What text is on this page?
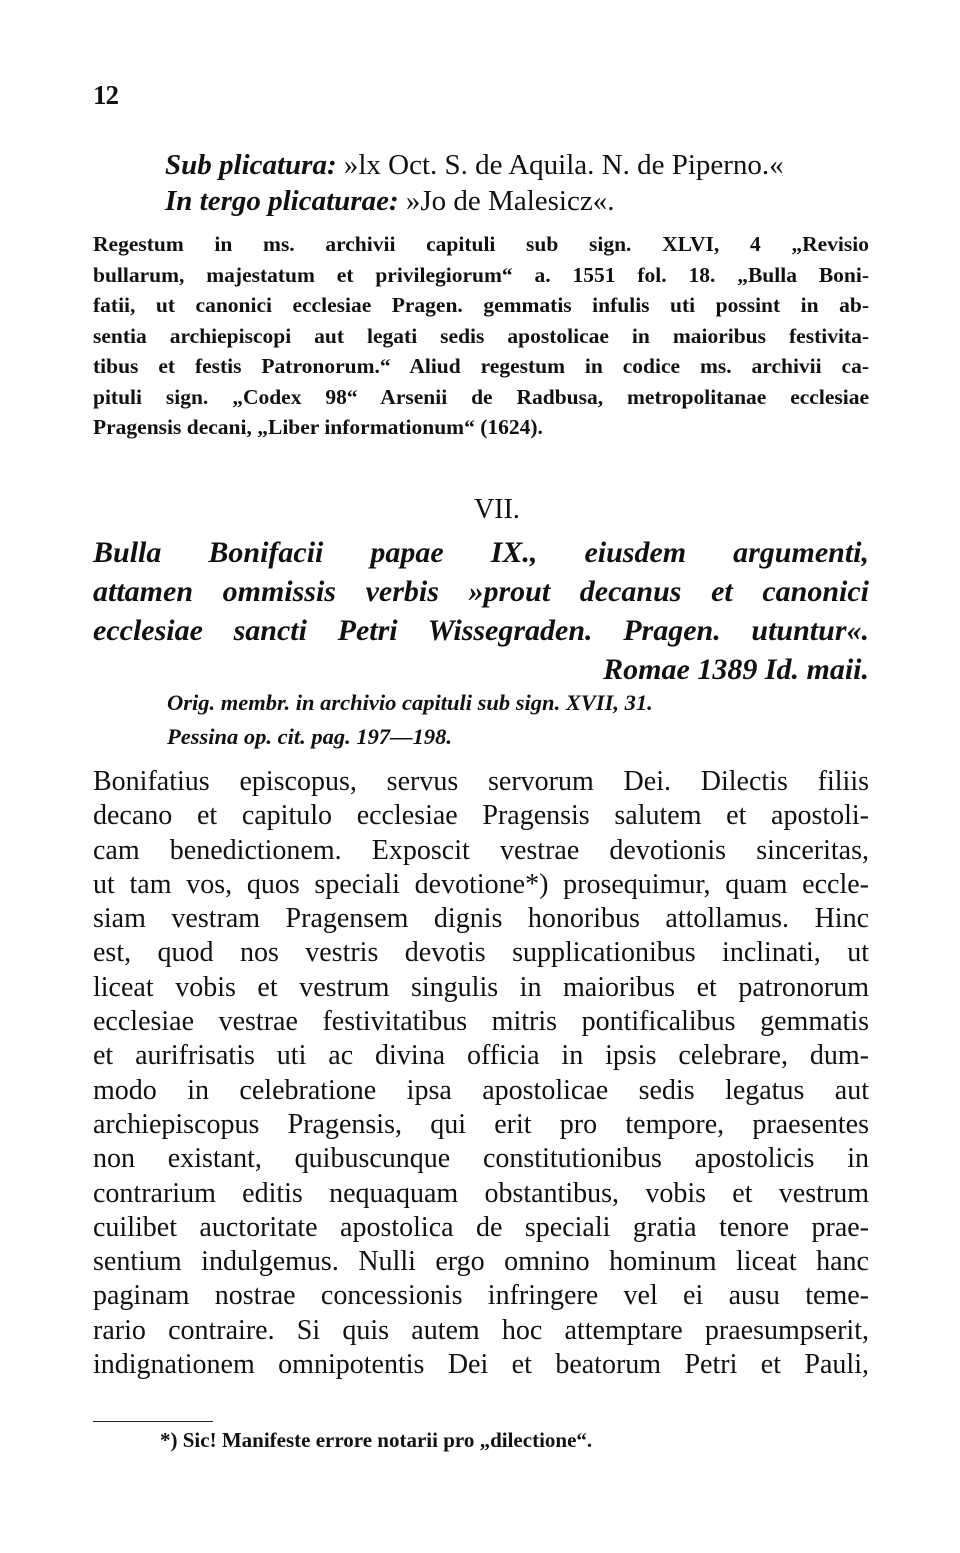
12
Sub plicatura: »lx Oct. S. de Aquila. N. de Piperno.«
In tergo plicaturae: »Jo de Malesicz«.
Regestum in ms. archivii capituli sub sign. XLVI, 4 „Revisio
bullarum, majestatum et privilegiorum“ a. 1551 fol. 18. „Bulla Boni-
fatii, ut canonici ecclesiae Pragen. gemmatis infulis uti possint in ab-
sentia archiepiscopi aut legati sedis apostolicae in maioribus festivita-
tibus et festis Patronorum.“ Aliud regestum in codice ms. archivii ca-
pituli sign. „Codex 98“ Arsenii de Radbusa, metropolitanae ecclesiae
Pragensis decani, „Liber informationum“ (1624).
VII.
Bulla Bonifacii papae IX., eiusdem argumenti,
attamen ommissis verbis »prout decanus et canonici
ecclesiae sancti Petri Wissegraden. Pragen. utuntur«.
Romae 1389 Id. maii.
Orig. membr. in archivio capituli sub sign. XVII, 31.
Pessina op. cit. pag. 197—198.
Bonifatius episcopus, servus servorum Dei. Dilectis filiis
decano et capitulo ecclesiae Pragensis salutem et apostoli-
cam benedictionem. Exposcit vestrae devotionis sinceritas,
ut tam vos, quos speciali devotione*) prosequimur, quam eccle-
siam vestram Pragensem dignis honoribus attollamus. Hinc
est, quod nos vestris devotis supplicationibus inclinati, ut
liceat vobis et vestrum singulis in maioribus et patronorum
ecclesiae vestrae festivitatibus mitris pontificalibus gemmatis
et aurifrisatis uti ac divina officia in ipsis celebrare, dum-
modo in celebratione ipsa apostolicae sedis legatus aut
archiepiscopus Pragensis, qui erit pro tempore, praesentes
non existant, quibuscunque constitutionibus apostolicis in
contrarium editis nequaquam obstantibus, vobis et vestrum
cuilibet auctoritate apostolica de speciali gratia tenore prae-
sentium indulgemus. Nulli ergo omnino hominum liceat hanc
paginam nostrae concessionis infringere vel ei ausu teme-
rario contraire. Si quis autem hoc attemptare praesumpserit,
indignationem omnipotentis Dei et beatorum Petri et Pauli,
*) Sic! Manifeste errore notarii pro „dilectione“.
